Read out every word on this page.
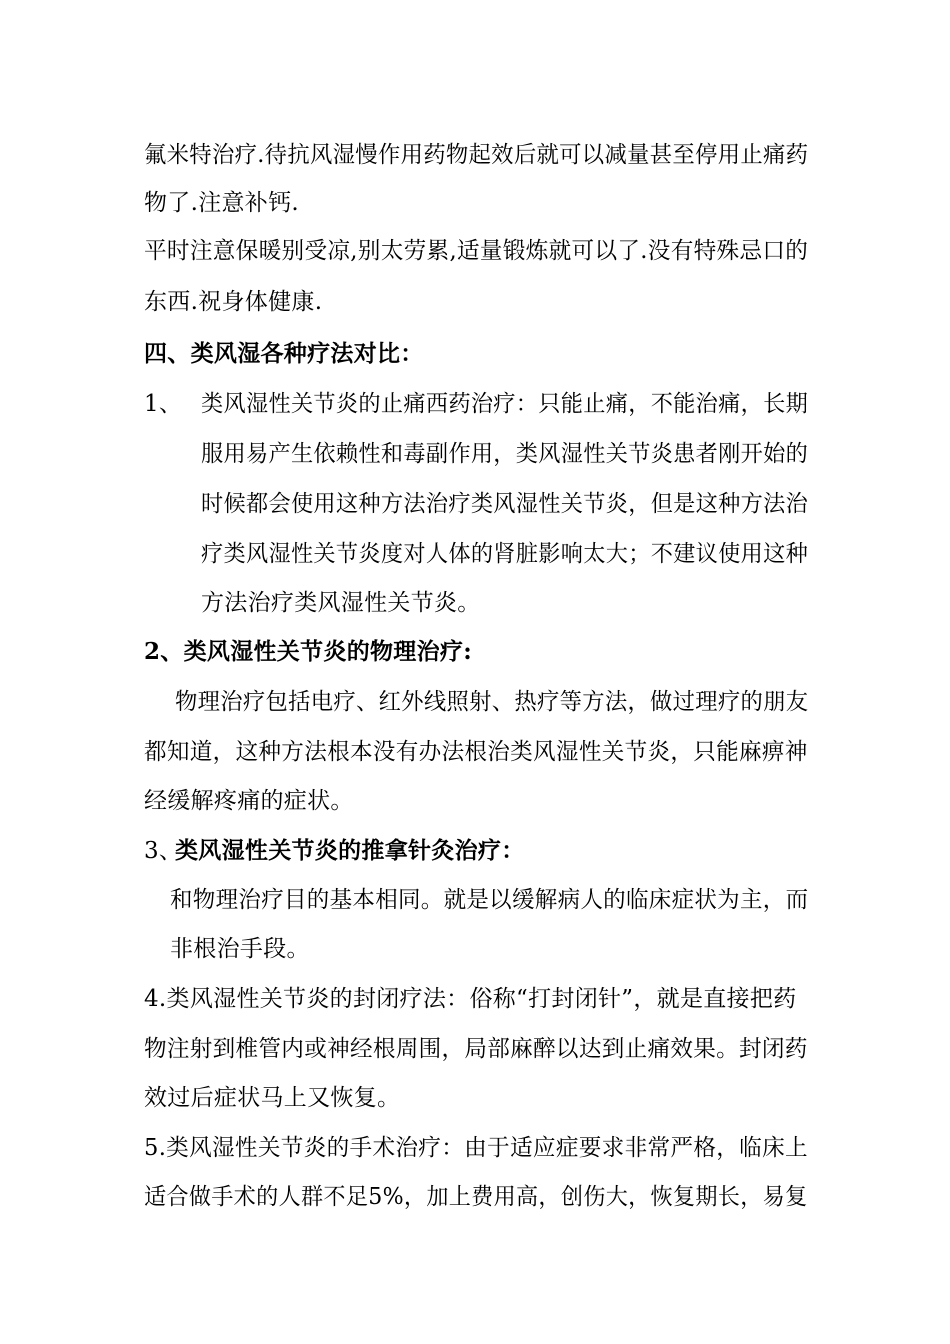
氟米特治疗.待抗风湿慢作用药物起效后就可以减量甚至停用止痛药
物了.注意补钙.
平时注意保暖别受凉,别太劳累,适量锻炼就可以了.没有特殊忌口的
东西.祝身体健康.
四、类风湿各种疗法对比：
1、 类风湿性关节炎的止痛西药治疗：只能止痛，不能治痛，长期
服用易产生依赖性和毒副作用，类风湿性关节炎患者刚开始的
时候都会使用这种方法治疗类风湿性关节炎，但是这种方法治
疗类风湿性关节炎度对人体的肾脏影响太大；不建议使用这种
方法治疗类风湿性关节炎。
2、类风湿性关节炎的物理治疗:
物理治疗包括电疗、红外线照射、热疗等方法，做过理疗的朋友
都知道，这种方法根本没有办法根治类风湿性关节炎，只能麻痹神
经缓解疼痛的症状。
3、
类风湿性关节炎的推拿针灸治疗：
和物理治疗目的基本相同。就是以缓解病人的临床症状为主，而
非根治手段。
4.类风湿性关节炎的封闭疗法：俗称“打封闭针”，就是直接把药
物注射到椎管内或神经根周围，局部麻醉以达到止痛效果。封闭药
效过后症状马上又恢复。
5.类风湿性关节炎的手术治疗：由于适应症要求非常严格，临床上
适合做手术的人群不足5%，加上费用高，创伤大，恢复期长，易复
